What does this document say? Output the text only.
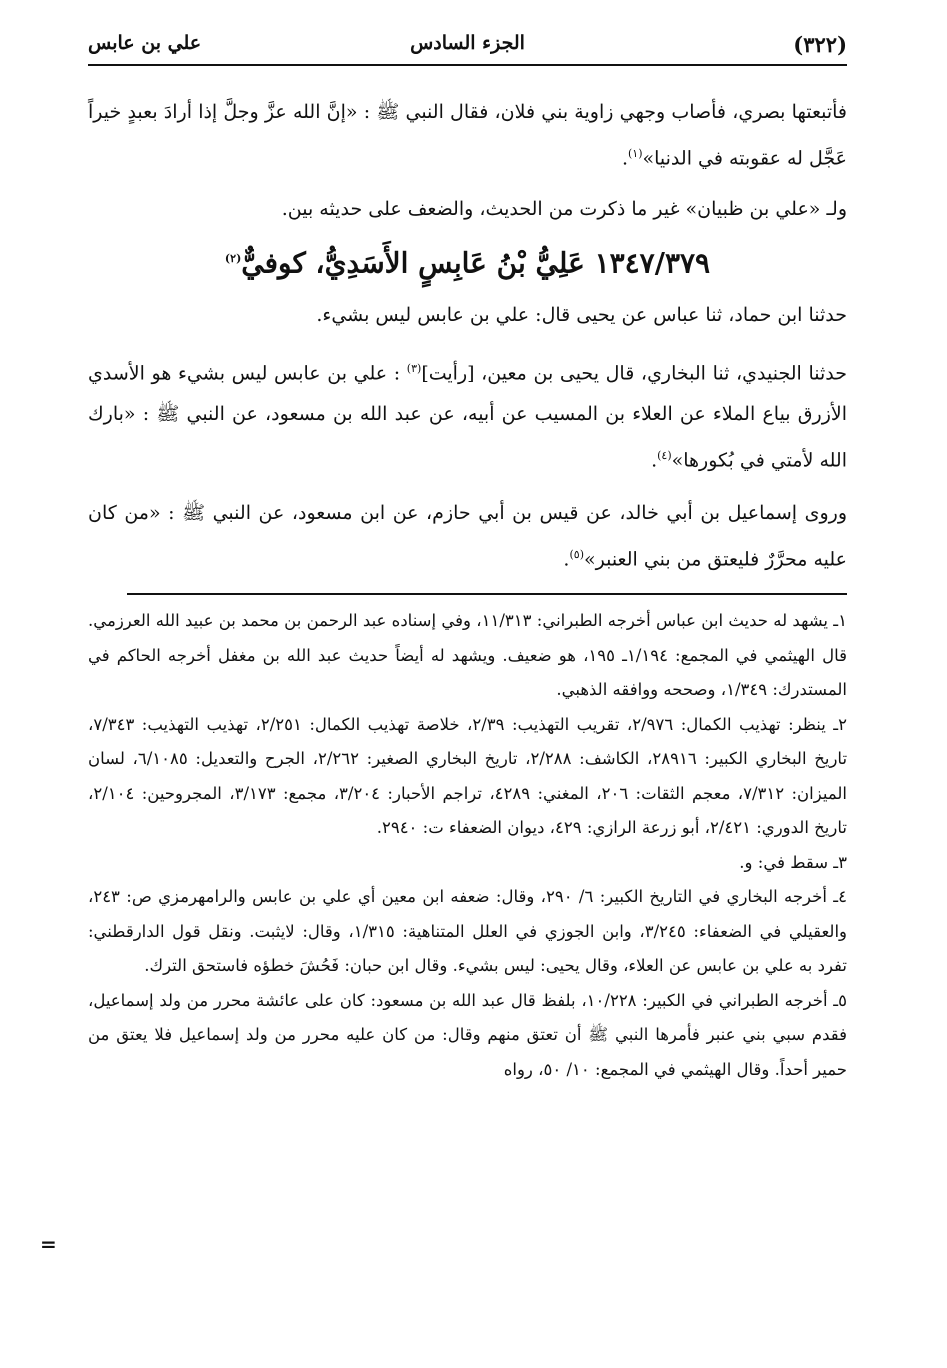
(٣٢٢)
الجزء السادس
علي بن عابس

فأتبعتها بصري، فأصاب وجهي زاوية بني فلان، فقال النبي ﷺ : «إنَّ الله عزَّ وجلَّ إذا أرادَ بعبدٍ خيراً عَجَّل له عقوبته في الدنيا»$^{(١)}$.

ولـ «علي بن ظبيان» غير ما ذكرت من الحديث، والضعف على حديثه بين.

١٣٤٧/٣٧٩ عَلِيُّ بْنُ عَابِسٍ الأَسَدِيُّ، كوفيٌّ$^{(٢)}$

حدثنا ابن حماد، ثنا عباس عن يحيى قال: علي بن عابس ليس بشيء.

حدثنا الجنيدي، ثنا البخاري، قال يحيى بن معين، [رأيت]$^{(٣)}$ : علي بن عابس ليس بشيء هو الأسدي الأزرق بياع الملاء عن العلاء بن المسيب عن أبيه، عن عبد الله بن مسعود، عن النبي ﷺ : «بارك الله لأمتي في بُكورها»$^{(٤)}$.

وروى إسماعيل بن أبي خالد، عن قيس بن أبي حازم، عن ابن مسعود، عن النبي ﷺ : «من كان عليه محرَّرٌ فليعتق من بني العنبر»$^{(٥)}$.

١ـ يشهد له حديث ابن عباس أخرجه الطبراني: ١١/٣١٣، وفي إسناده عبد الرحمن بن محمد بن عبيد الله العرزمي. قال الهيثمي في المجمع: ١/١٩٤ـ ١٩٥، هو ضعيف. ويشهد له أيضاً حديث عبد الله بن مغفل أخرجه الحاكم في المستدرك: ١/٣٤٩، وصححه ووافقه الذهبي.

٢ـ ينظر: تهذيب الكمال: ٢/٩٧٦، تقريب التهذيب: ٢/٣٩، خلاصة تهذيب الكمال: ٢/٢٥١، تهذيب التهذيب: ٧/٣٤٣، تاريخ البخاري الكبير: ٢٨٩١٦، الكاشف: ٢/٢٨٨، تاريخ البخاري الصغير: ٢/٢٦٢، الجرح والتعديل: ٦/١٠٨٥، لسان الميزان: ٧/٣١٢، معجم الثقات: ٢٠٦، المغني: ٤٢٨٩، تراجم الأحبار: ٣/٢٠٤، مجمع: ٣/١٧٣، المجروحين: ٢/١٠٤، تاريخ الدوري: ٢/٤٢١، أبو زرعة الرازي: ٤٢٩، ديوان الضعفاء ت: ٢٩٤٠.

٣ـ سقط في: و.

٤ـ أخرجه البخاري في التاريخ الكبير: ٦/ ٢٩٠، وقال: ضعفه ابن معين أي علي بن عابس والرامهرمزي ص: ٢٤٣، والعقيلي في الضعفاء: ٣/٢٤٥، وابن الجوزي في العلل المتناهية: ١/٣١٥، وقال: لايثبت. ونقل قول الدارقطني: تفرد به علي بن عابس عن العلاء، وقال يحيى: ليس بشيء. وقال ابن حبان: فَحُشَ خطؤه فاستحق الترك.

٥ـ أخرجه الطبراني في الكبير: ١٠/٢٢٨، بلفظ قال عبد الله بن مسعود: كان على عائشة محرر من ولد إسماعيل، فقدم سبي بني عنبر فأمرها النبي ﷺ أن تعتق منهم وقال: من كان عليه محرر من ولد إسماعيل فلا يعتق من حمير أحداً. وقال الهيثمي في المجمع: ١٠/ ٥٠، رواه

=
